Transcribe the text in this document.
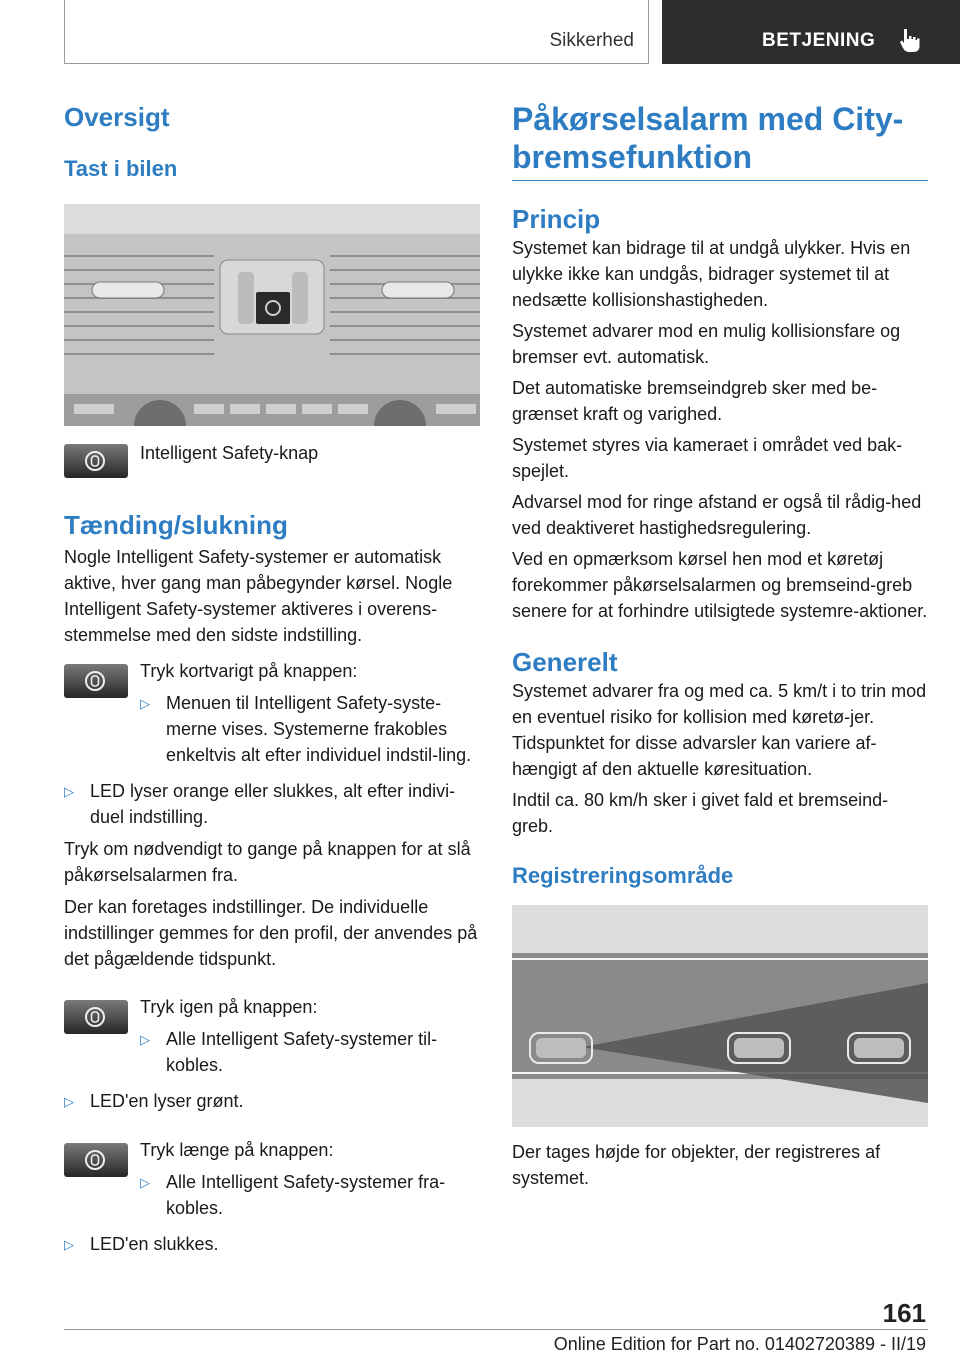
Sikkerhed	BETJENING
Oversigt
Tast i bilen

Intelligent Safety-knap

Tænding/slukning

Nogle Intelligent Safety-systemer er automatisk aktive, hver gang man påbegynder kørsel. Nogle Intelligent Safety-systemer aktiveres i overens-stemmelse med den sidste indstilling.

Tryk kortvarigt på knappen:

▷ Menuen til Intelligent Safety-syste-merne vises. Systemerne frakobles enkeltvis alt efter individuel indstil-ling.
▷ LED lyser orange eller slukkes, alt efter indivi-duel indstilling.

Tryk om nødvendigt to gange på knappen for at slå påkørselsalarmen fra.

Der kan foretages indstillinger. De individuelle indstillinger gemmes for den profil, der anvendes på det pågældende tidspunkt.

Tryk igen på knappen:

▷ Alle Intelligent Safety-systemer til-kobles.
▷ LED'en lyser grønt.

Tryk længe på knappen:

▷ Alle Intelligent Safety-systemer fra-kobles.
▷ LED'en slukkes.
Påkørselsalarm med City-bremsefunktion
Princip

Systemet kan bidrage til at undgå ulykker. Hvis en ulykke ikke kan undgås, bidrager systemet til at nedsætte kollisionshastigheden.

Systemet advarer mod en mulig kollisionsfare og bremser evt. automatisk.

Det automatiske bremseindgreb sker med be-grænset kraft og varighed.

Systemet styres via kameraet i området ved bak-spejlet.

Advarsel mod for ringe afstand er også til rådig-hed ved deaktiveret hastighedsregulering.

Ved en opmærksom kørsel hen mod et køretøj forekommer påkørselsalarmen og bremseind-greb senere for at forhindre utilsigtede systemre-aktioner.

Generelt

Systemet advarer fra og med ca. 5 km/t i to trin mod en eventuel risiko for kollision med køretø-jer. Tidspunktet for disse advarsler kan variere af-hængigt af den aktuelle køresituation.

Indtil ca. 80 km/h sker i givet fald et bremseind-greb.

Registreringsområde

Der tages højde for objekter, der registreres af systemet.

161
Online Edition for Part no. 01402720389 - II/19
